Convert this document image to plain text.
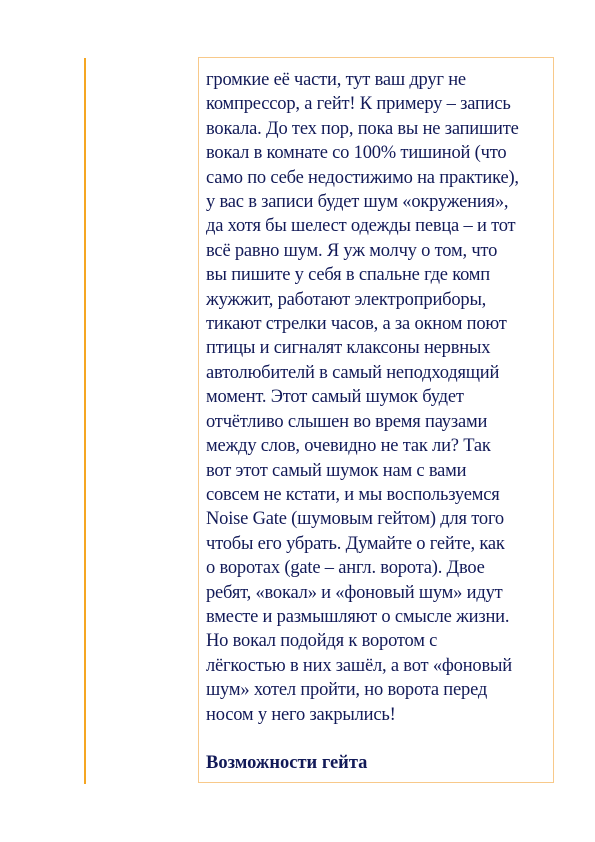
громкие её части, тут ваш друг не
компрессор, а гейт! К примеру – запись
вокала. До тех пор, пока вы не запишите
вокал в комнате со 100% тишиной (что
само по себе недостижимо на практике),
у вас в записи будет шум «окружения»,
да хотя бы шелест одежды певца – и тот
всё равно шум. Я уж молчу о том, что
вы пишите у себя в спальне где комп
жужжит, работают электроприборы,
тикают стрелки часов, а за окном поют
птицы и сигналят клаксоны нервных
автолюбителй в самый неподходящий
момент. Этот самый шумок будет
отчётливо слышен во время паузами
между слов, очевидно не так ли? Так
вот этот самый шумок нам с вами
совсем не кстати, и мы воспользуемся
Noise Gate (шумовым гейтом) для того
чтобы его убрать. Думайте о гейте, как
о воротах (gate – англ. ворота). Двое
ребят, «вокал» и «фоновый шум» идут
вместе и размышляют о смысле жизни.
Но вокал подойдя к воротом с
лёгкостью в них зашёл, а вот «фоновый
шум» хотел пройти, но ворота перед
носом у него закрылись!
Возможности гейта
